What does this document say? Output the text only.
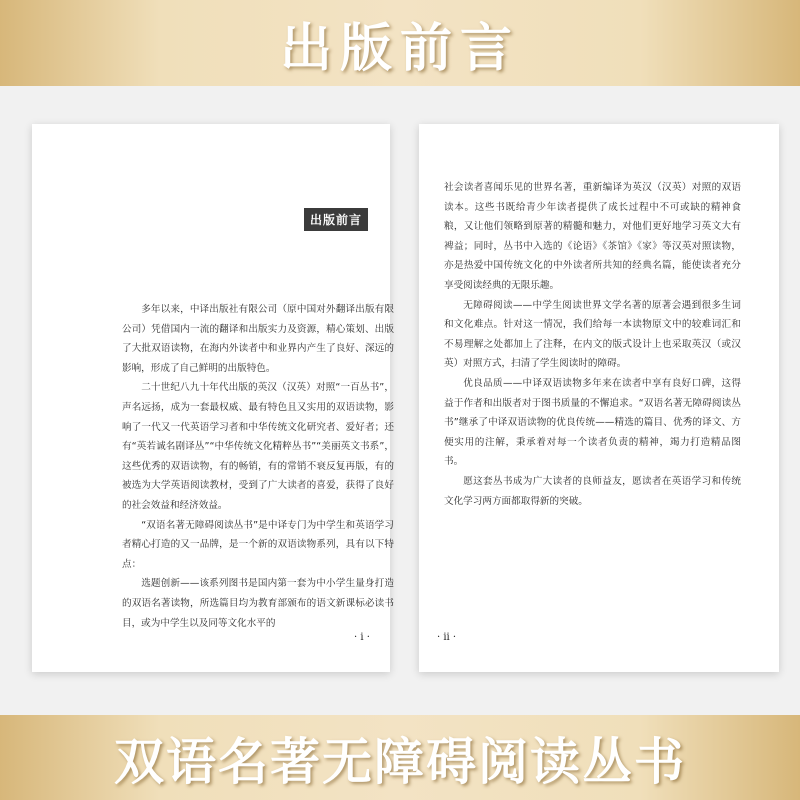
出版前言
出版前言

多年以来，中译出版社有限公司（原中国对外翻译出版有限公司）凭借国内一流的翻译和出版实力及资源，精心策划、出版了大批双语读物，在海内外读者中和业界内产生了良好、深远的影响，形成了自己鲜明的出版特色。

二十世纪八九十年代出版的英汉（汉英）对照“一百丛书”，声名远扬，成为一套最权威、最有特色且又实用的双语读物，影响了一代又一代英语学习者和中华传统文化研究者、爱好者；还有“英若诚名剧译丛”“中华传统文化精粹丛书”“美丽英文书系”，这些优秀的双语读物，有的畅销，有的常销不衰反复再版，有的被选为大学英语阅读教材，受到了广大读者的喜爱，获得了良好的社会效益和经济效益。

“双语名著无障碍阅读丛书”是中译专门为中学生和英语学习者精心打造的又一品牌，是一个新的双语读物系列，具有以下特点：

选题创新——该系列图书是国内第一套为中小学生量身打造的双语名著读物，所选篇目均为教育部颁布的语文新课标必读书目，或为中学生以及同等文化水平的

· i ·

社会读者喜闻乐见的世界名著，重新编译为英汉（汉英）对照的双语读本。这些书既给青少年读者提供了成长过程中不可或缺的精神食粮，又让他们领略到原著的精髓和魅力，对他们更好地学习英文大有裨益；同时，丛书中入选的《论语》《茶馆》《家》等汉英对照读物，亦是热爱中国传统文化的中外读者所共知的经典名篇，能使读者充分享受阅读经典的无限乐趣。

无障碍阅读——中学生阅读世界文学名著的原著会遇到很多生词和文化难点。针对这一情况，我们给每一本读物原文中的较难词汇和不易理解之处都加上了注释，在内文的版式设计上也采取英汉（或汉英）对照方式，扫清了学生阅读时的障碍。

优良品质——中译双语读物多年来在读者中享有良好口碑，这得益于作者和出版者对于图书质量的不懈追求。“双语名著无障碍阅读丛书”继承了中译双语读物的优良传统——精选的篇目、优秀的译文、方便实用的注解，秉承着对每一个读者负责的精神，竭力打造精品图书。

愿这套丛书成为广大读者的良师益友，愿读者在英语学习和传统文化学习两方面都取得新的突破。

· ii ·
双语名著无障碍阅读丛书
